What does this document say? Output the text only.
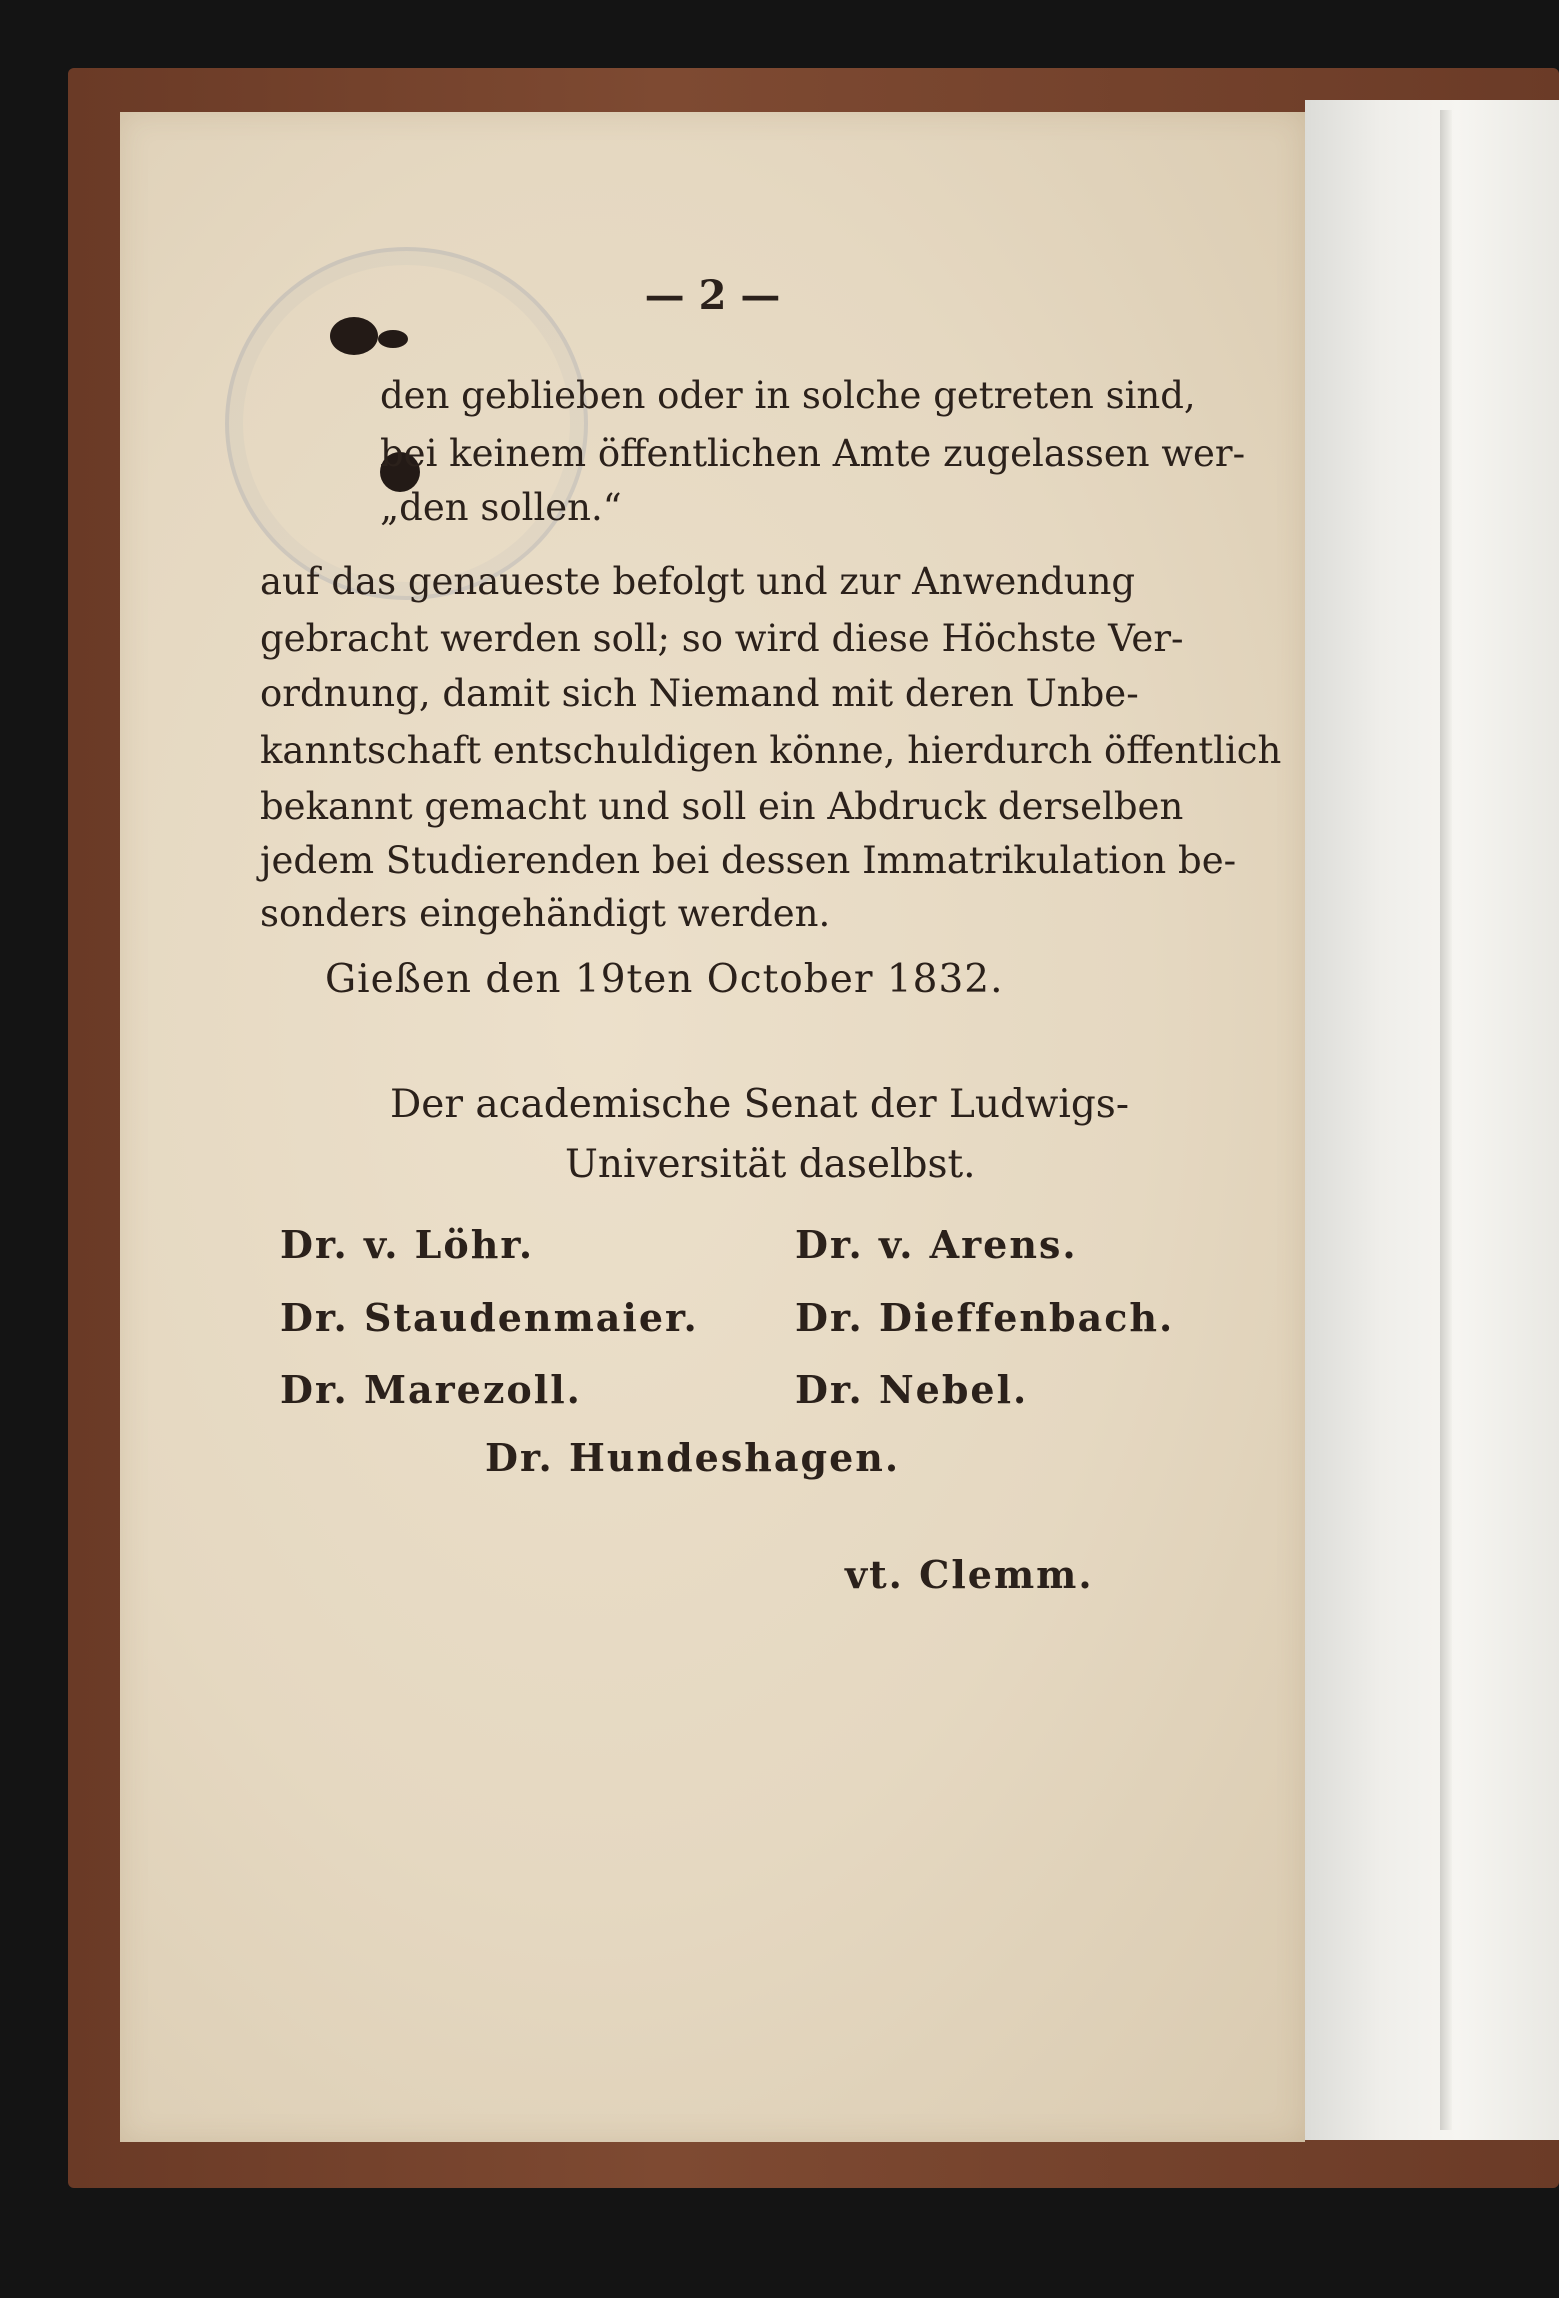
— 2 —
den geblieben oder in solche getreten sind,
bei keinem öffentlichen Amte zugelassen wer-
„den sollen.“
auf das genaueste befolgt und zur Anwendung
gebracht werden soll; so wird diese Höchste Ver-
ordnung, damit sich Niemand mit deren Unbe-
kanntschaft entschuldigen könne, hierdurch öffentlich
bekannt gemacht und soll ein Abdruck derselben
jedem Studierenden bei dessen Immatrikulation be-
sonders eingehändigt werden.
Gießen den 19ten October 1832.
Der academische Senat der Ludwigs-
Universität daselbst.
Dr. v. Löhr.	Dr. v. Arens.
Dr. Staudenmaier.	Dr. Dieffenbach.
Dr. Marezoll.	Dr. Nebel.
Dr. Hundeshagen.
vt. Clemm.
